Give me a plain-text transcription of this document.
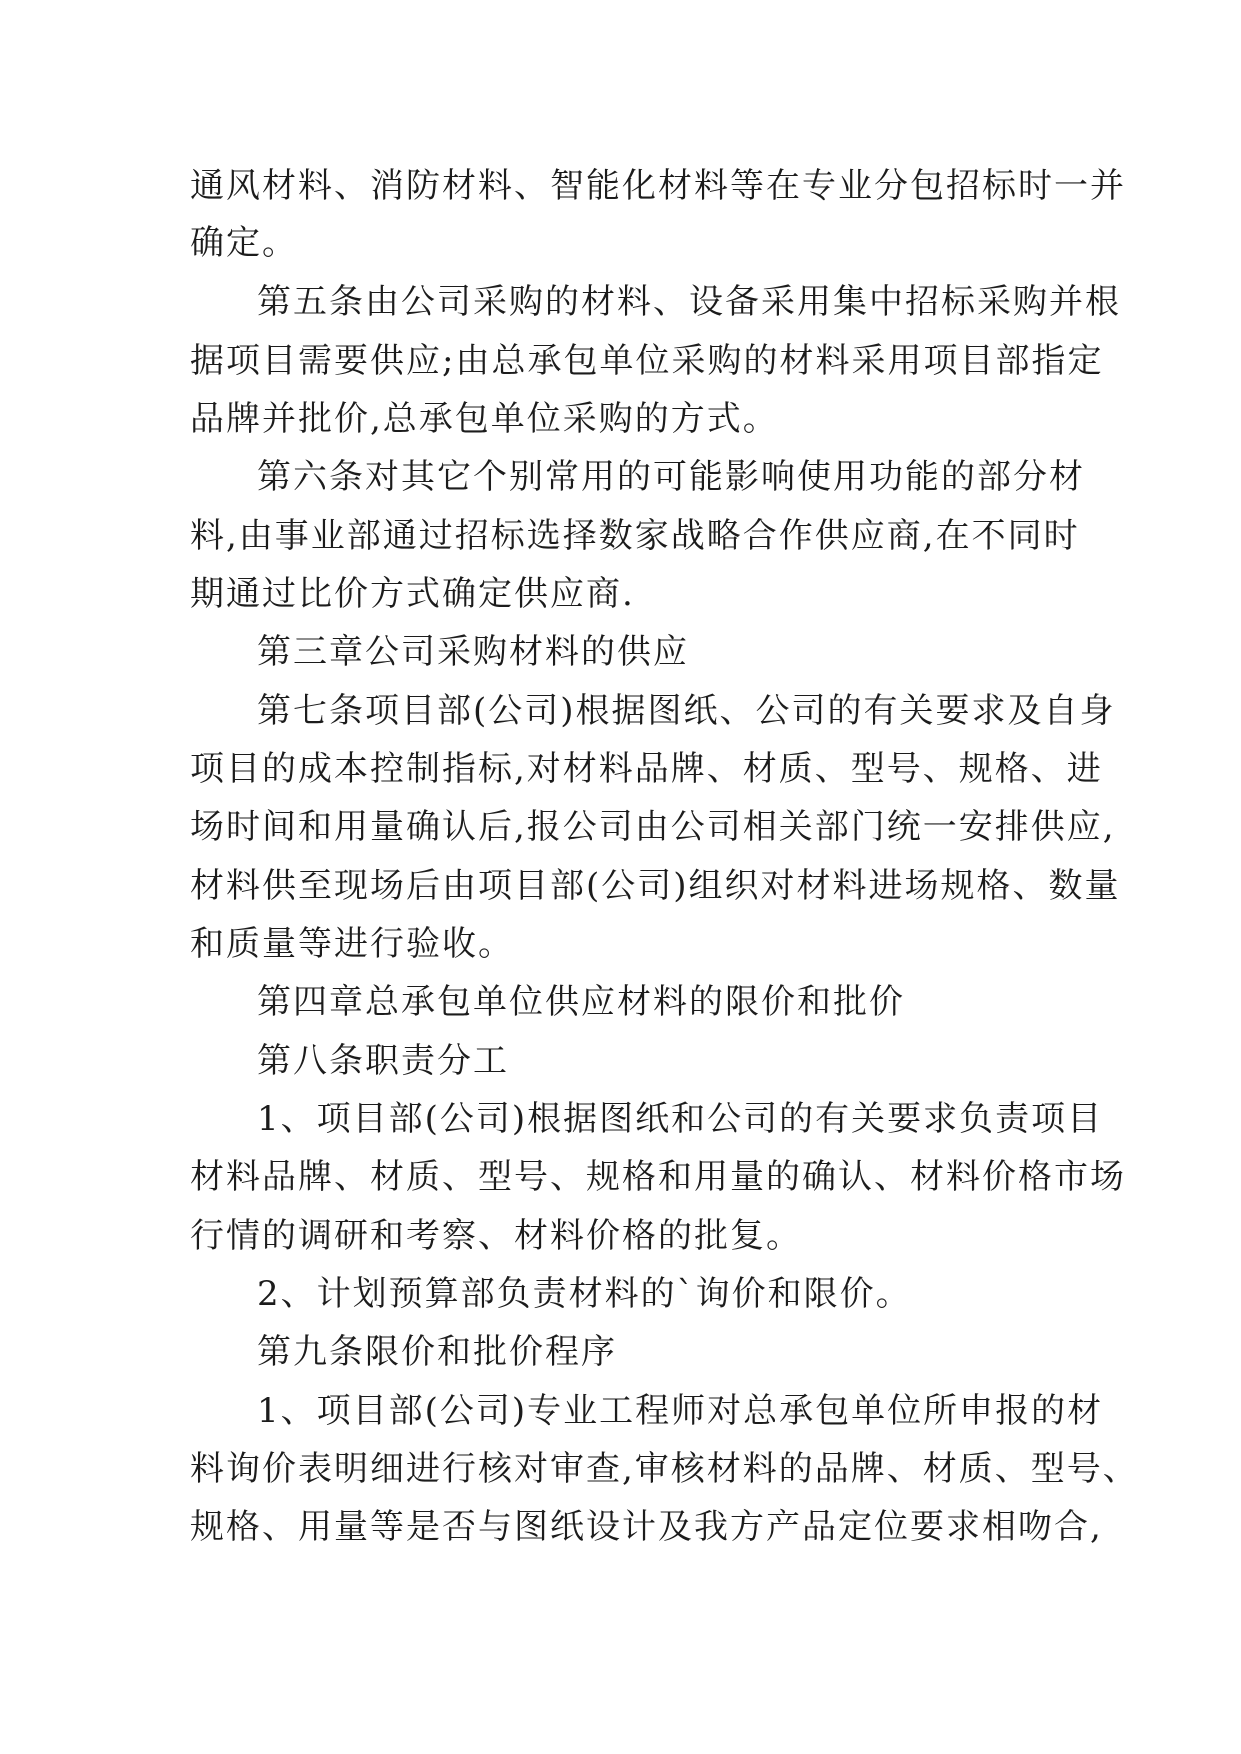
通风材料、消防材料、智能化材料等在专业分包招标时一并
确定。
第五条由公司采购的材料、设备采用集中招标采购并根
据项目需要供应;由总承包单位采购的材料采用项目部指定
品牌并批价,总承包单位采购的方式。
第六条对其它个别常用的可能影响使用功能的部分材
料,由事业部通过招标选择数家战略合作供应商,在不同时
期通过比价方式确定供应商.
第三章公司采购材料的供应
第七条项目部(公司)根据图纸、公司的有关要求及自身
项目的成本控制指标,对材料品牌、材质、型号、规格、进
场时间和用量确认后,报公司由公司相关部门统一安排供应,
材料供至现场后由项目部(公司)组织对材料进场规格、数量
和质量等进行验收。
第四章总承包单位供应材料的限价和批价
第八条职责分工
1、项目部(公司)根据图纸和公司的有关要求负责项目
材料品牌、材质、型号、规格和用量的确认、材料价格市场
行情的调研和考察、材料价格的批复。
2、计划预算部负责材料的`询价和限价。
第九条限价和批价程序
1、项目部(公司)专业工程师对总承包单位所申报的材
料询价表明细进行核对审查,审核材料的品牌、材质、型号、
规格、用量等是否与图纸设计及我方产品定位要求相吻合,
